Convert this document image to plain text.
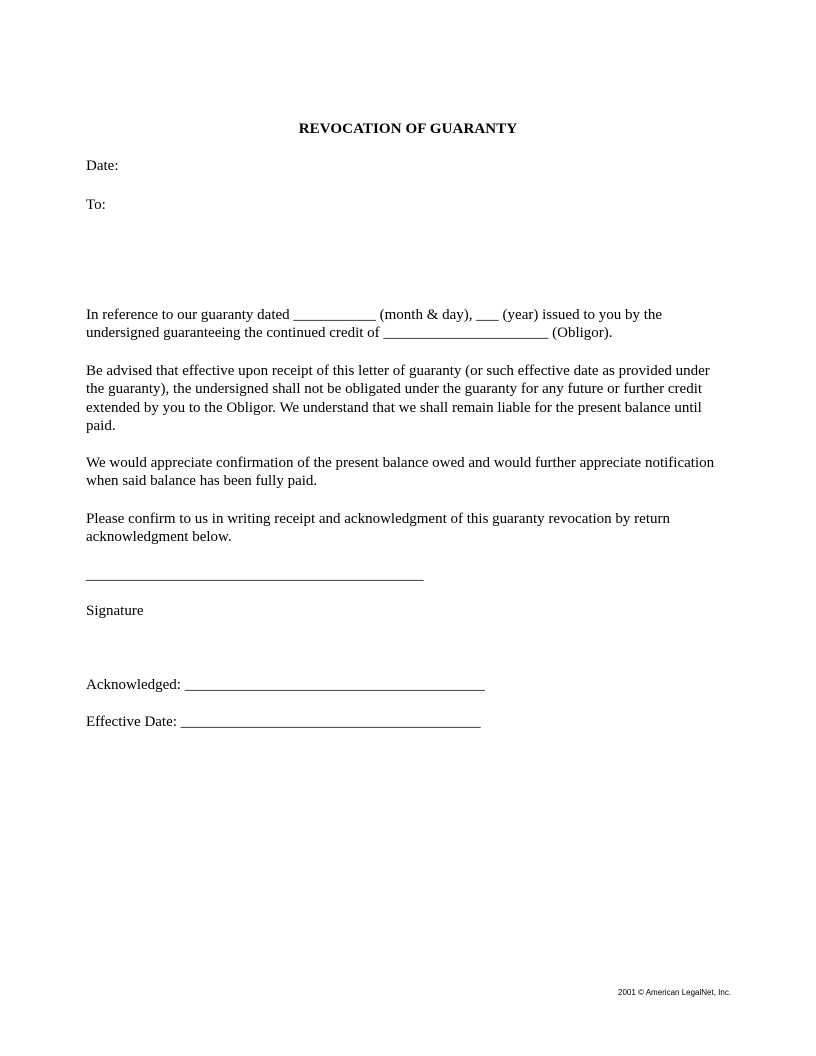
REVOCATION OF GUARANTY
Date:
To:
In reference to our guaranty dated ___________ (month & day), ___ (year) issued to you by the
undersigned guaranteeing the continued credit of ______________________ (Obligor).
Be advised that effective upon receipt of this letter of guaranty (or such effective date as provided under
the guaranty), the undersigned shall not be obligated under the guaranty for any future or further credit
extended by you to the Obligor. We understand that we shall remain liable for the present balance until
paid.
We would appreciate confirmation of the present balance owed and would further appreciate notification
when said balance has been fully paid.
Please confirm to us in writing receipt and acknowledgment of this guaranty revocation by return
acknowledgment below.
_____________________________________________
Signature
Acknowledged: ________________________________________
Effective Date: ________________________________________
2001 © American LegalNet, Inc.
